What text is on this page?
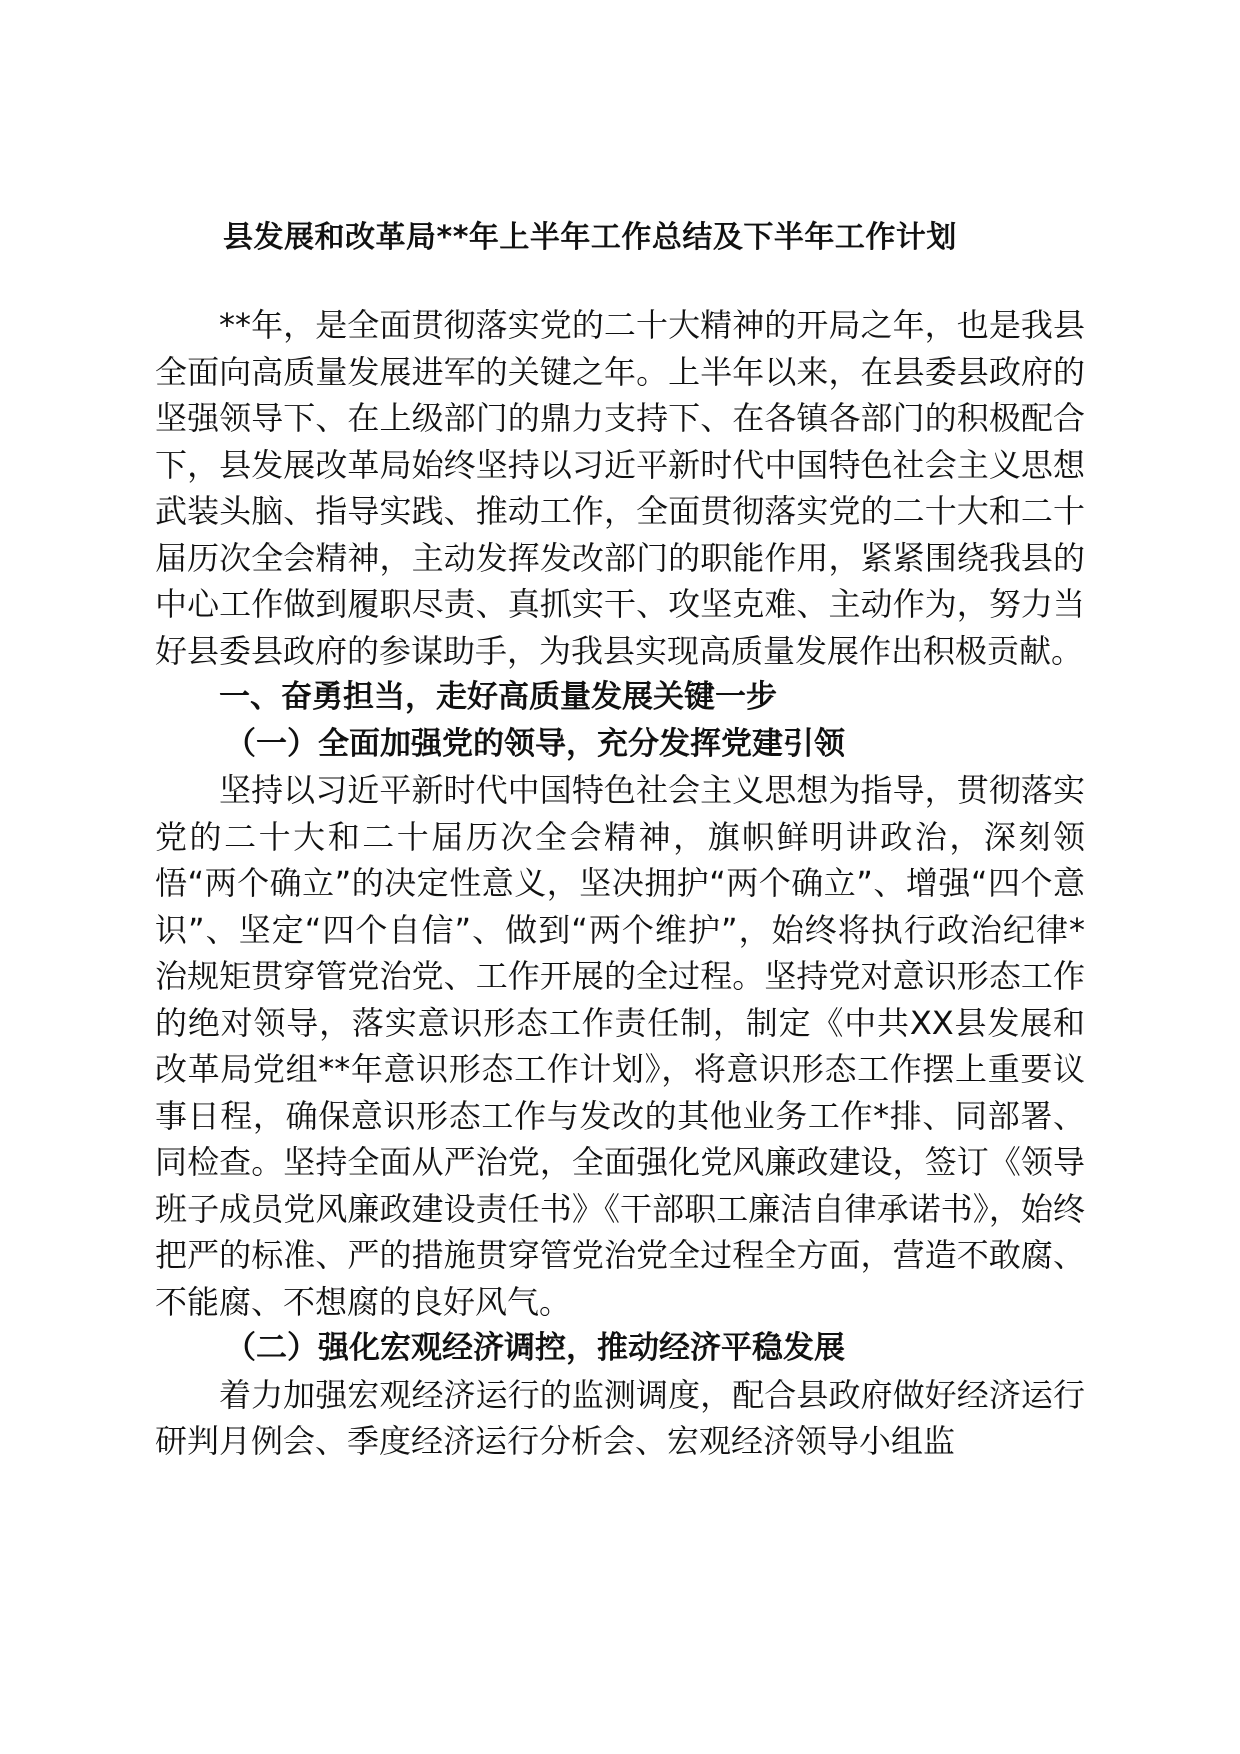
县发展和改革局**年上半年工作总结及下半年工作计划

**年，是全面贯彻落实党的二十大精神的开局之年，也是我县全面向高质量发展进军的关键之年。上半年以来，在县委县政府的坚强领导下、在上级部门的鼎力支持下、在各镇各部门的积极配合下，县发展改革局始终坚持以习近平新时代中国特色社会主义思想武装头脑、指导实践、推动工作，全面贯彻落实党的二十大和二十届历次全会精神，主动发挥发改部门的职能作用，紧紧围绕我县的中心工作做到履职尽责、真抓实干、攻坚克难、主动作为，努力当好县委县政府的参谋助手，为我县实现高质量发展作出积极贡献。

一、奋勇担当，走好高质量发展关键一步
（一）全面加强党的领导，充分发挥党建引领

坚持以习近平新时代中国特色社会主义思想为指导，贯彻落实党的二十大和二十届历次全会精神，旗帜鲜明讲政治，深刻领悟“两个确立”的决定性意义，坚决拥护“两个确立”、增强“四个意识”、坚定“四个自信”、做到“两个维护”，始终将执行政治纪律*治规矩贯穿管党治党、工作开展的全过程。坚持党对意识形态工作的绝对领导，落实意识形态工作责任制，制定《中共XX县发展和改革局党组**年意识形态工作计划》，将意识形态工作摆上重要议事日程，确保意识形态工作与发改的其他业务工作*排、同部署、同检查。坚持全面从严治党，全面强化党风廉政建设，签订《领导班子成员党风廉政建设责任书》《干部职工廉洁自律承诺书》，始终把严的标准、严的措施贯穿管党治党全过程全方面，营造不敢腐、不能腐、不想腐的良好风气。

（二）强化宏观经济调控，推动经济平稳发展

着力加强宏观经济运行的监测调度，配合县政府做好经济运行研判月例会、季度经济运行分析会、宏观经济领导小组监
